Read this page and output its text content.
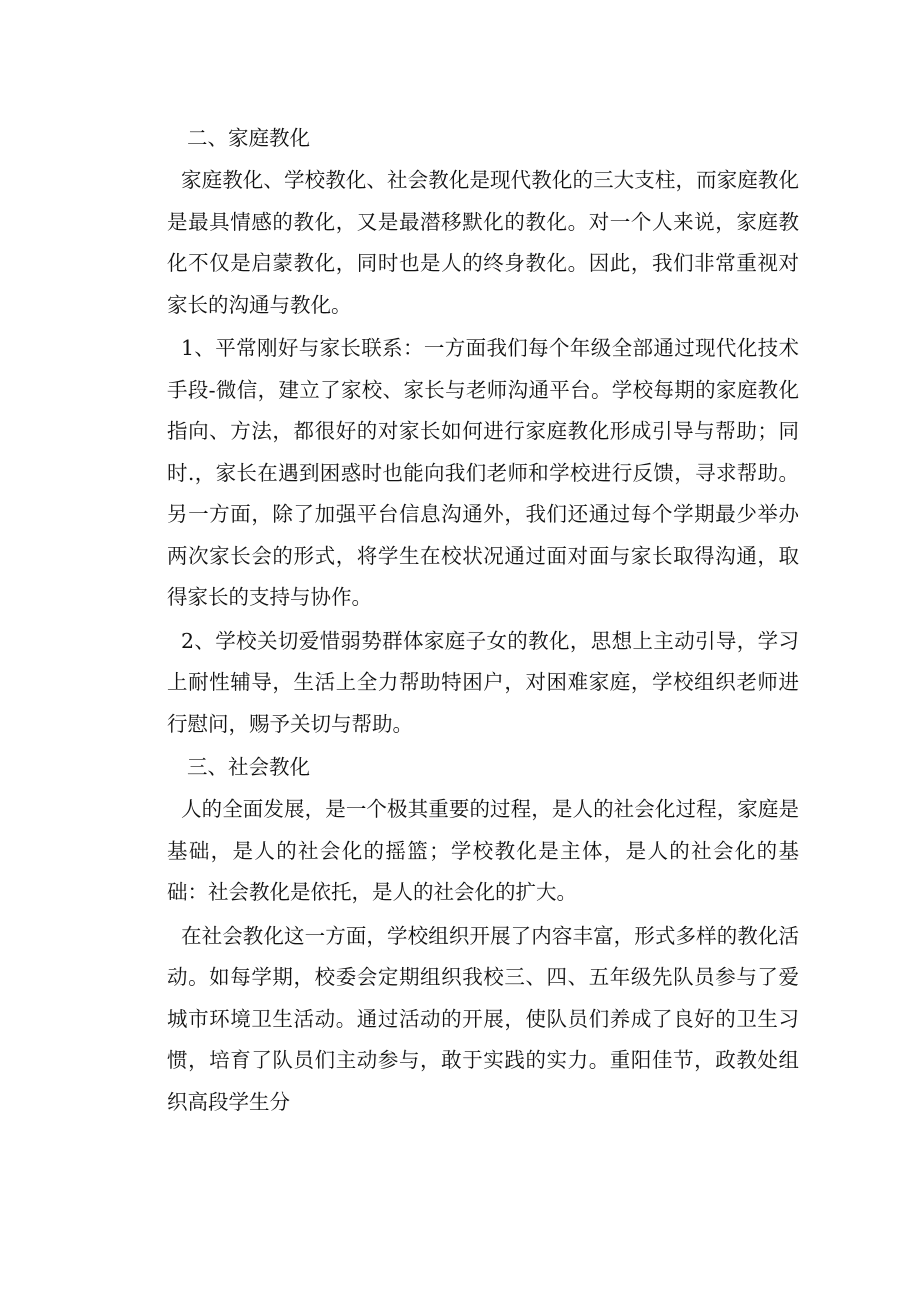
二、家庭教化

家庭教化、学校教化、社会教化是现代教化的三大支柱，而家庭教化是最具情感的教化，又是最潜移默化的教化。对一个人来说，家庭教化不仅是启蒙教化，同时也是人的终身教化。因此，我们非常重视对家长的沟通与教化。

1、平常刚好与家长联系：一方面我们每个年级全部通过现代化技术手段-微信，建立了家校、家长与老师沟通平台。学校每期的家庭教化指向、方法，都很好的对家长如何进行家庭教化形成引导与帮助；同时.，家长在遇到困惑时也能向我们老师和学校进行反馈，寻求帮助。另一方面，除了加强平台信息沟通外，我们还通过每个学期最少举办两次家长会的形式，将学生在校状况通过面对面与家长取得沟通，取得家长的支持与协作。

2、学校关切爱惜弱势群体家庭子女的教化，思想上主动引导，学习上耐性辅导，生活上全力帮助特困户，对困难家庭，学校组织老师进行慰问，赐予关切与帮助。

三、社会教化

人的全面发展，是一个极其重要的过程，是人的社会化过程，家庭是基础，是人的社会化的摇篮；学校教化是主体，是人的社会化的基础：社会教化是依托，是人的社会化的扩大。

在社会教化这一方面，学校组织开展了内容丰富，形式多样的教化活动。如每学期，校委会定期组织我校三、四、五年级先队员参与了爱城市环境卫生活动。通过活动的开展，使队员们养成了良好的卫生习惯，培育了队员们主动参与，敢于实践的实力。重阳佳节，政教处组织高段学生分
